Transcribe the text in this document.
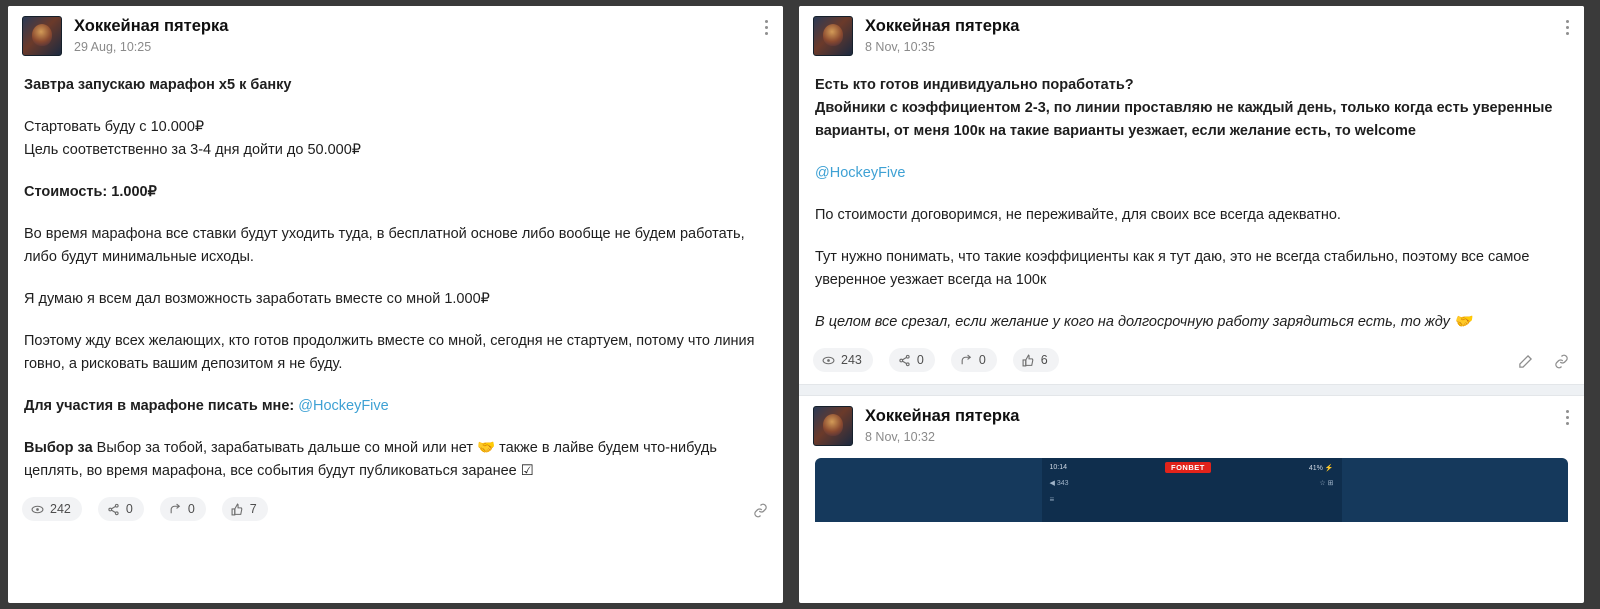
Хоккейная пятерка
29 Aug, 10:25

Завтра запускаю марафон х5 к банку

Стартовать буду с 10.000₽

Цель соответственно за 3-4 дня дойти до 50.000₽

Стоимость: 1.000₽

Во время марафона все ставки будут уходить туда, в бесплатной основе либо вообще не будем работать, либо будут минимальные исходы.

Я думаю я всем дал возможность заработать вместе со мной 1.000₽

Поэтому жду всех желающих, кто готов продолжить вместе со мной, сегодня не стартуем, потому что линия говно, а рисковать вашим депозитом я не буду.

Для участия в марафоне писать мне: @HockeyFive

Выбор за Выбор за тобой, зарабатывать дальше со мной или нет 🤝 также в лайве будем что-нибудь цеплять, во время марафона, все события будут публиковаться заранее ☑

242	0	0	7
Хоккейная пятерка
8 Nov, 10:35

Есть кто готов индивидуально поработать?

Двойники с коэффициентом 2-3, по линии проставляю не каждый день, только когда есть уверенные варианты, от меня 100к на такие варианты уезжает, если желание есть, то welcome

@HockeyFive

По стоимости договоримся, не переживайте, для своих все всегда адекватно.

Тут нужно понимать, что такие коэффициенты как я тут даю, это не всегда стабильно, поэтому все самое уверенное уезжает всегда на 100к

В целом все срезал, если желание у кого на долгосрочную работу зарядиться есть, то жду 🤝

243	0	0	6
Хоккейная пятерка
8 Nov, 10:32
10:14	FONBET	41% ⚡
◀ 343	☆ ⊞
≡
